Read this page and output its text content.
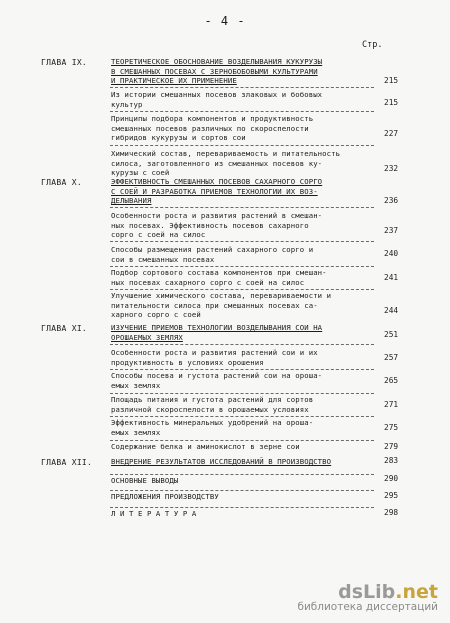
- 4 -
Стр.
ГЛАВА IX.	ТЕОРЕТИЧЕСКОЕ ОБОСНОВАНИЕ ВОЗДЕЛЫВАНИЯ КУКУРУЗЫ
В СМЕШАННЫХ ПОСЕВАХ С ЗЕРНОБОБОВЫМИ КУЛЬТУРАМИ
И ПРАКТИЧЕСКОЕ ИХ ПРИМЕНЕНИЕ	215
Из истории смешанных посевов злаковых и бобовых
культур	215
Принципы подбора компонентов и продуктивность
смешанных посевов различных по скороспелости
гибридов кукурузы и сортов сои	227
Химический состав, перевариваемость и питательность
силоса, заготовленного из смешанных посевов ку-
курузы с соей	232
ГЛАВА X.	ЭФФЕКТИВНОСТЬ СМЕШАННЫХ ПОСЕВОВ САХАРНОГО СОРГО
С СОЕЙ И РАЗРАБОТКА ПРИЕМОВ ТЕХНОЛОГИИ ИХ ВОЗ-
ДЕЛЫВАНИЯ	236
Особенности роста и развития растений в смешан-
ных посевах. Эффективность посевов сахарного
сорго с соей на силос	237
Способы размещения растений сахарного сорго и
сои в смешанных посевах
240
Подбор сортового состава компонентов при смешан-
ных посевах сахарного сорго с соей на силос
241
Улучшение химического состава, перевариваемости и
питательности силоса при смешанных посевах са-
харного сорго с соей	244
ГЛАВА XI.	ИЗУЧЕНИЕ ПРИЕМОВ ТЕХНОЛОГИИ ВОЗДЕЛЫВАНИЯ СОИ НА
ОРОШАЕМЫХ ЗЕМЛЯХ	251
Особенности роста и развития растений сои и их
продуктивность в условиях орошения
257
Способы посева и густота растений сои на ороша-
емых землях
265
Площадь питания и густота растений для сортов
различной скороспелости в орошаемых условиях
271
Эффективность минеральных удобрений на ороша-
емых землях
275
Содержание белка и аминокислот в зерне сои	279
ГЛАВА XII.	ВНЕДРЕНИЕ РЕЗУЛЬТАТОВ ИССЛЕДОВАНИЙ В ПРОИЗВОДСТВО	283
ОСНОВНЫЕ ВЫВОДЫ	290
ПРЕДЛОЖЕНИЯ ПРОИЗВОДСТВУ	295
Л И Т Е Р А Т У Р А	298
dsLib.net
библиотека диссертаций
